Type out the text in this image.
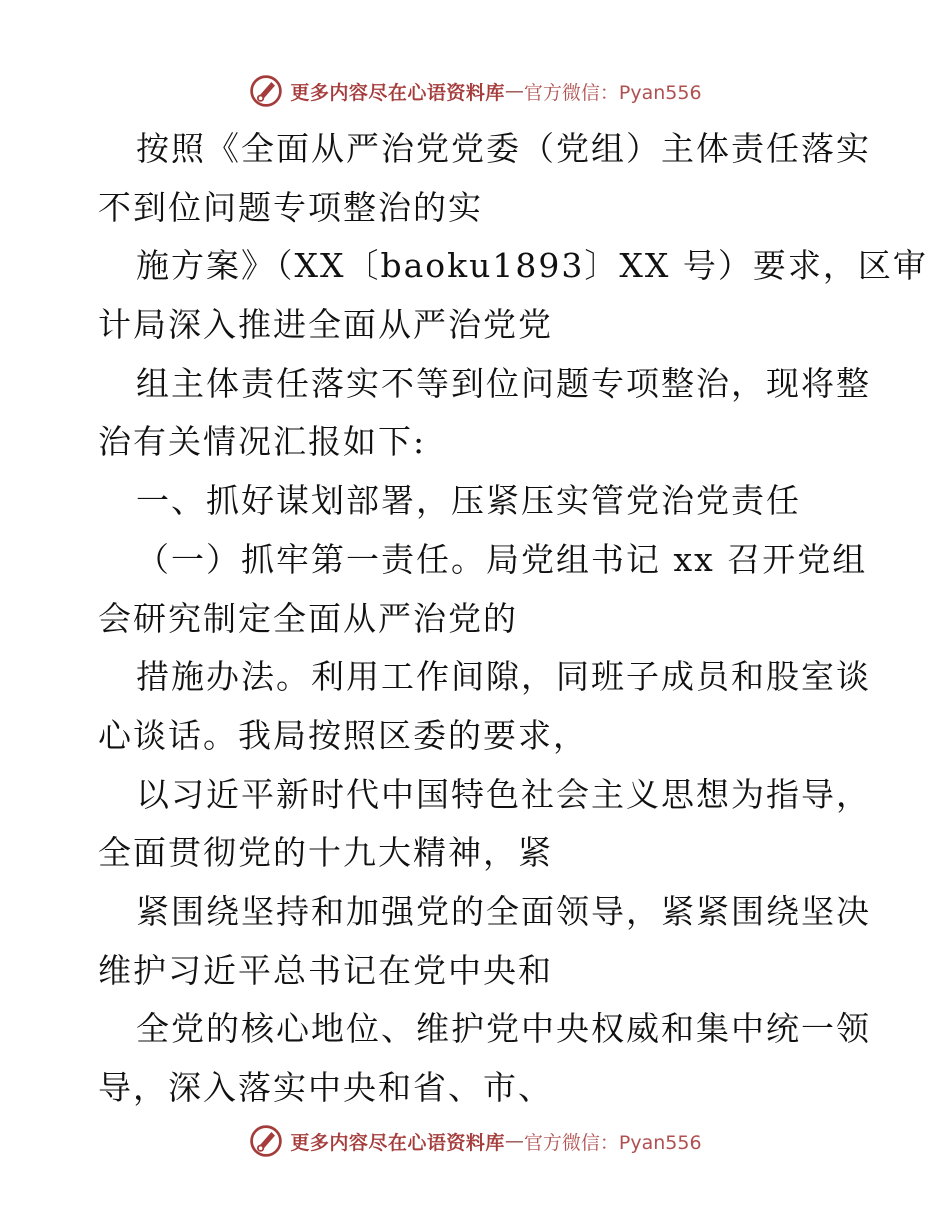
更多内容尽在心语资料库 — 官方微信：Pyan556
按照《全面从严治党党委（党组）主体责任落实
不到位问题专项整治的实
施方案》（XX〔baoku1893〕XX 号）要求，区审
计局深入推进全面从严治党党
组主体责任落实不等到位问题专项整治，现将整
治有关情况汇报如下:
一、抓好谋划部署，压紧压实管党治党责任
（一）抓牢第一责任。局党组书记 xx 召开党组
会研究制定全面从严治党的
措施办法。利用工作间隙，同班子成员和股室谈
心谈话。我局按照区委的要求，
以习近平新时代中国特色社会主义思想为指导，
全面贯彻党的十九大精神，紧
紧围绕坚持和加强党的全面领导，紧紧围绕坚决
维护习近平总书记在党中央和
全党的核心地位、维护党中央权威和集中统一领
导，深入落实中央和省、市、
更多内容尽在心语资料库 — 官方微信：Pyan556
